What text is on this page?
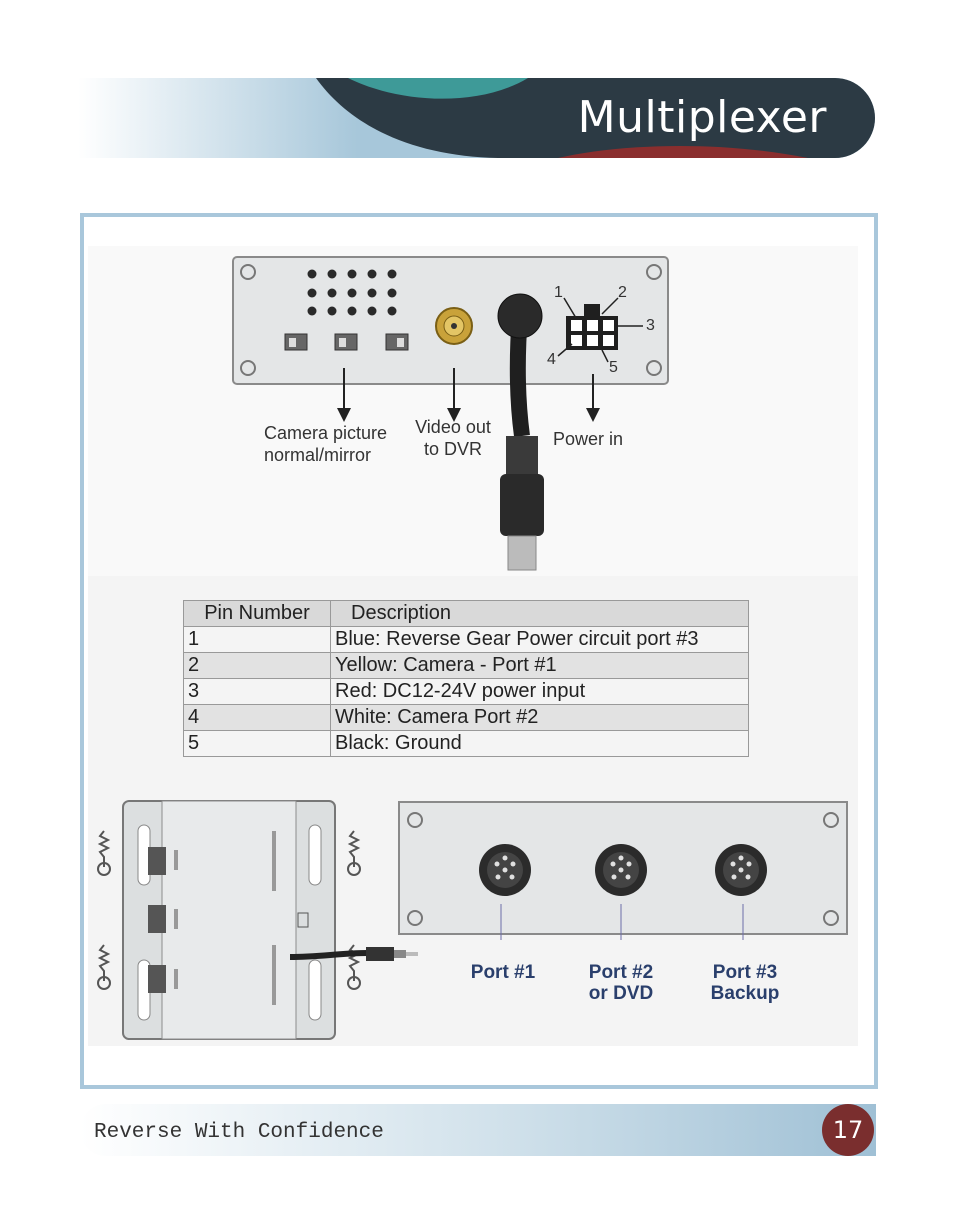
Multiplexer
1	2
3
4	5
Camera picture
normal/mirror
Video out
to DVR	Power in
Pin Number	Description
1	Blue: Reverse Gear Power circuit port #3
2	Yellow: Camera - Port #1
3	Red: DC12-24V power input
4	White: Camera Port #2
5	Black: Ground
Port #1	Port #2
or DVD
Port #3
Backup
Reverse With Confidence	17
